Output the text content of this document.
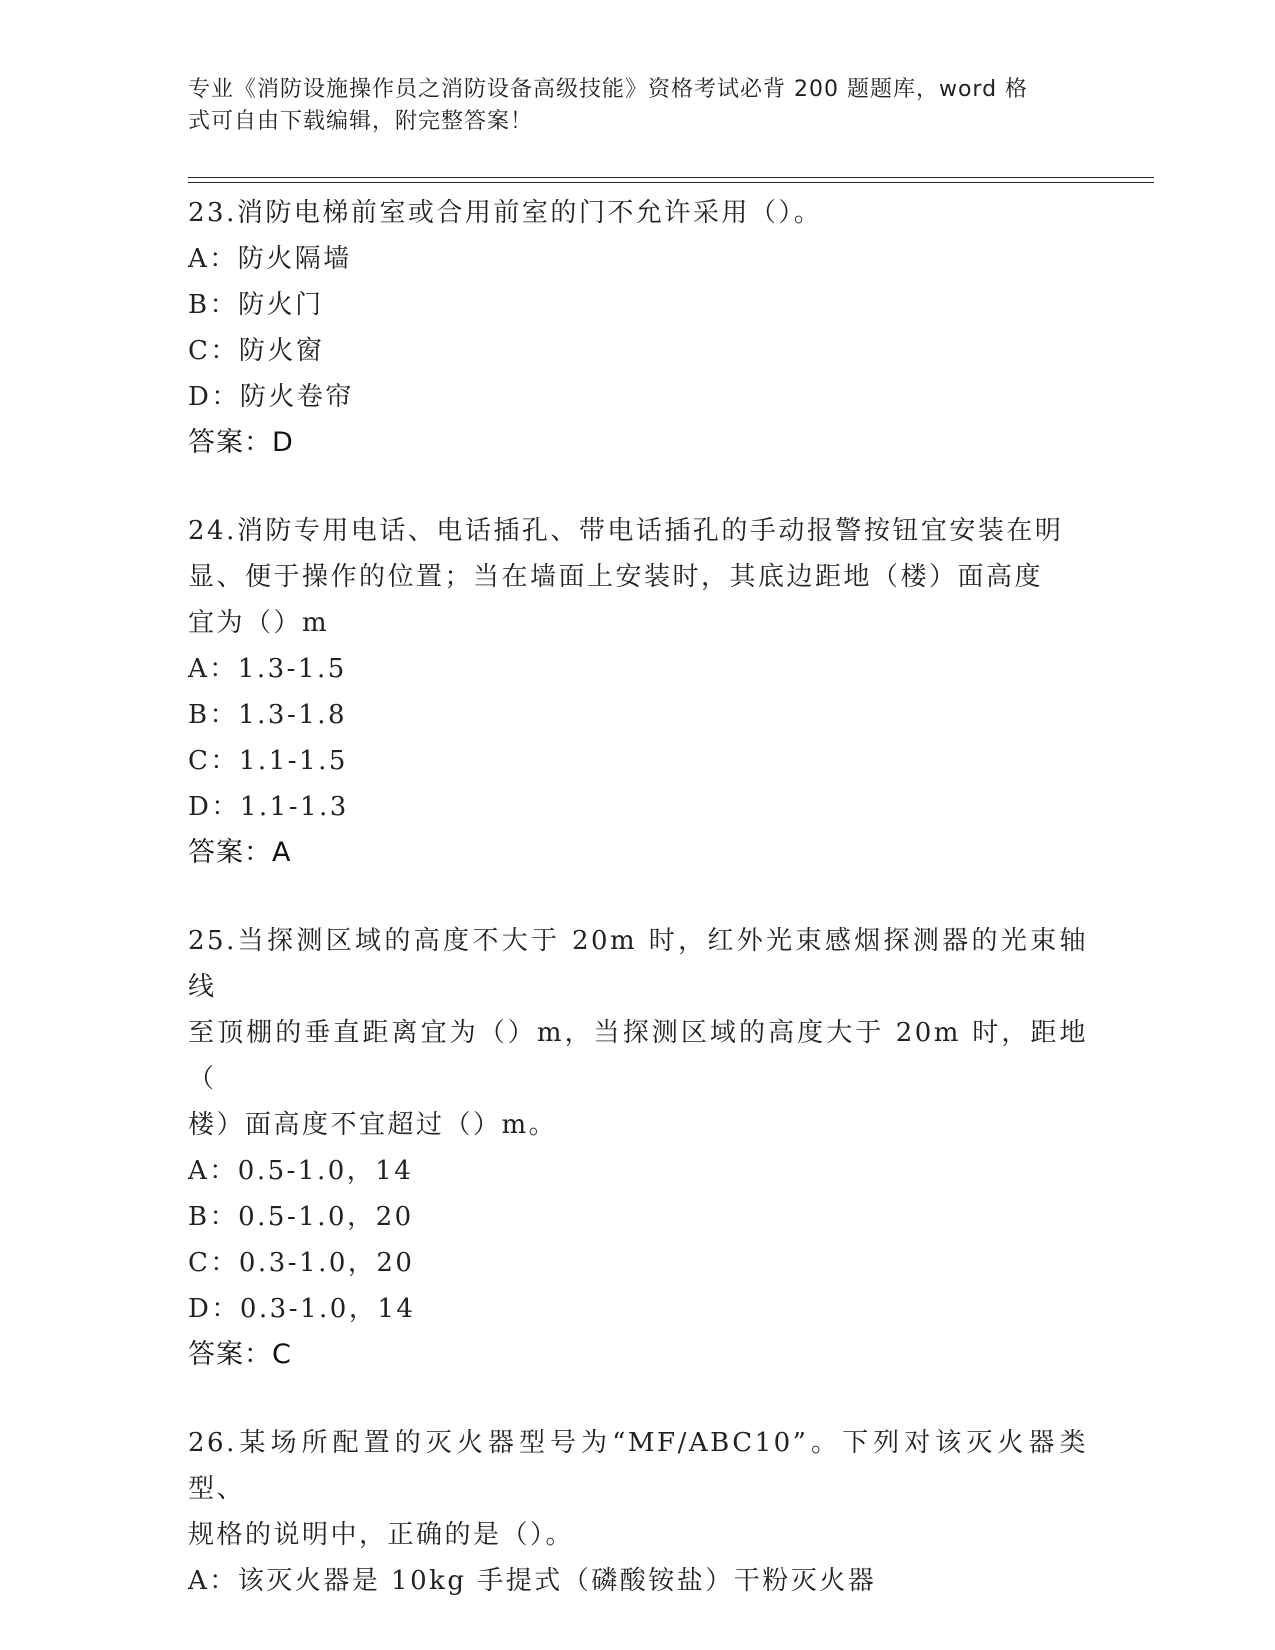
专业《消防设施操作员之消防设备高级技能》资格考试必背 200 题题库，word 格
式可自由下载编辑，附完整答案！
23.消防电梯前室或合用前室的门不允许采用（）。
A：防火隔墙
B：防火门
C：防火窗
D：防火卷帘
答案：D
24.消防专用电话、电话插孔、带电话插孔的手动报警按钮宜安装在明
显、便于操作的位置；当在墙面上安装时，其底边距地（楼）面高度
宜为（）m
A：1.3-1.5
B：1.3-1.8
C：1.1-1.5
D：1.1-1.3
答案：A
25.当探测区域的高度不大于 20m 时，红外光束感烟探测器的光束轴线
至顶棚的垂直距离宜为（）m，当探测区域的高度大于 20m 时，距地（
楼）面高度不宜超过（）m。
A：0.5-1.0，14
B：0.5-1.0，20
C：0.3-1.0，20
D：0.3-1.0，14
答案：C
26.某场所配置的灭火器型号为“MF/ABC10”。下列对该灭火器类型、
规格的说明中，正确的是（）。
A：该灭火器是 10kg 手提式（磷酸铵盐）干粉灭火器
